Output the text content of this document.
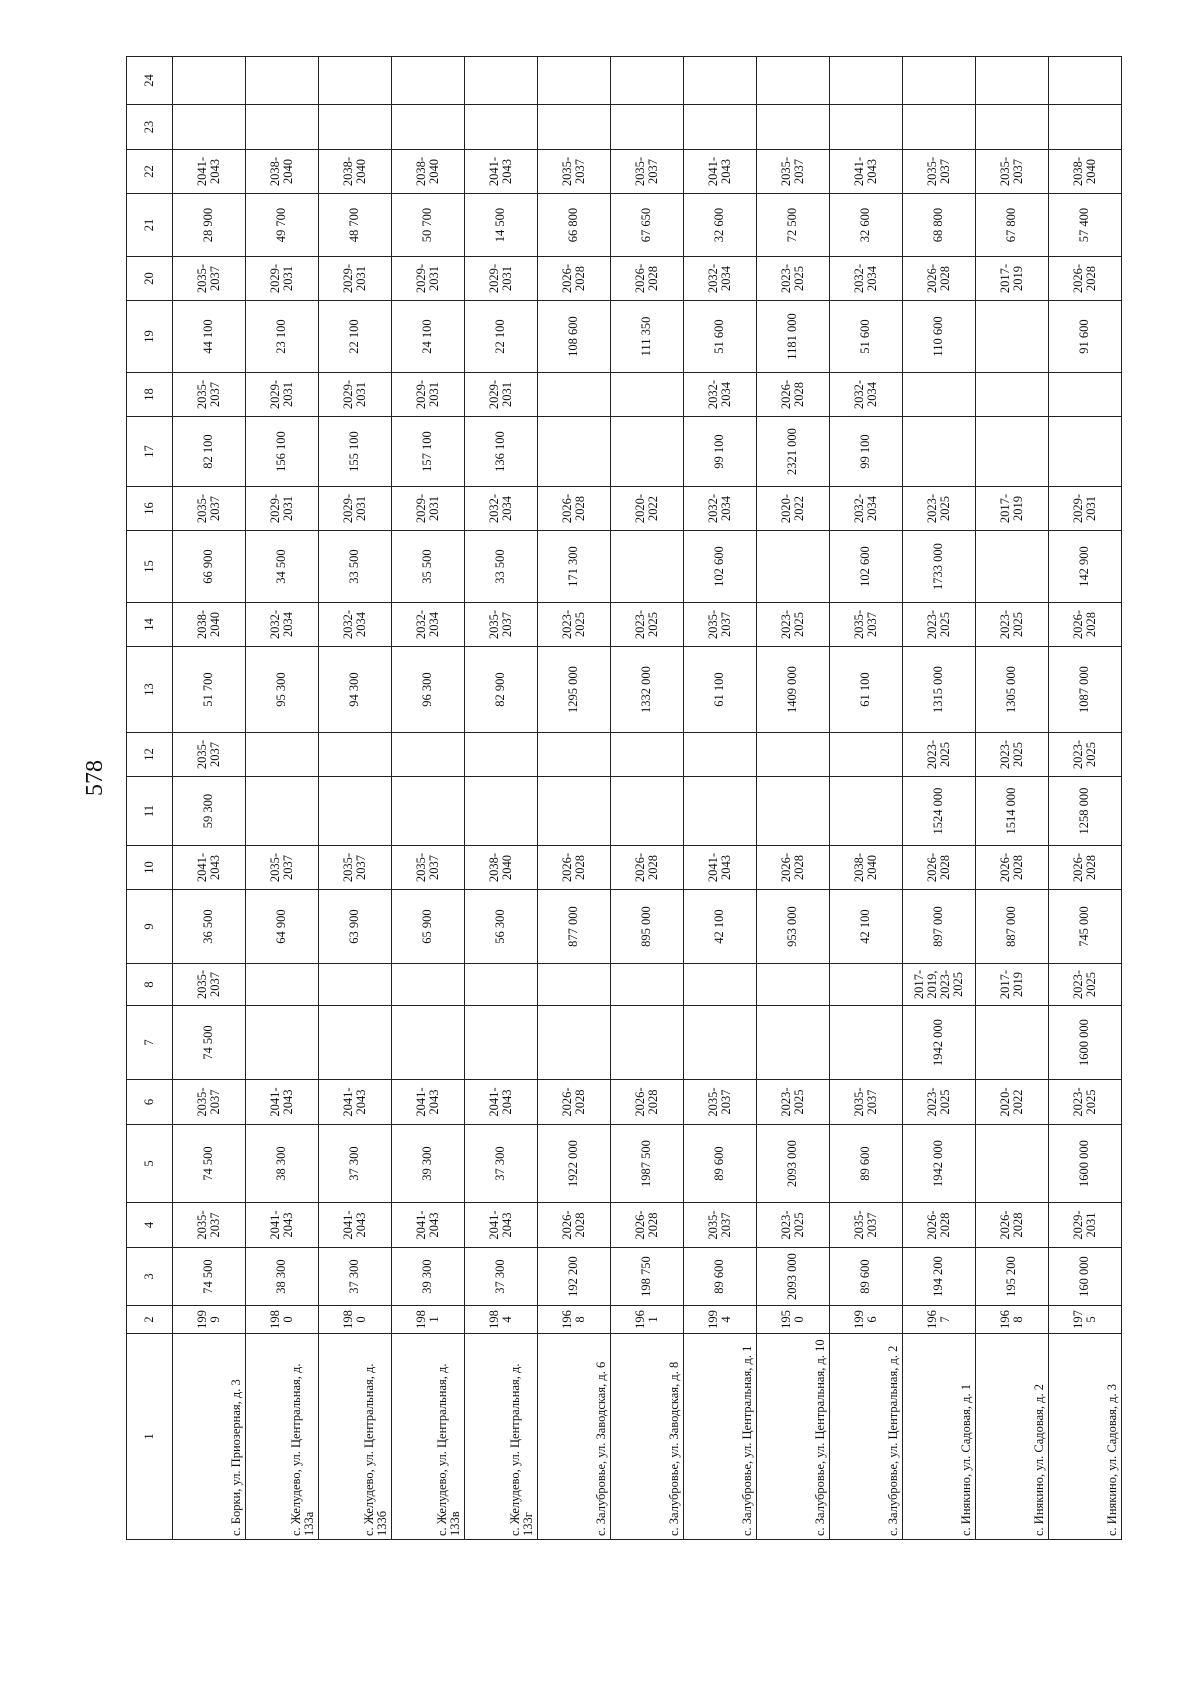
578
1	2	3	4	5	6	7	8	9	10	11	12	13	14	15	16	17	18	19	20	21	22	23	24
с. Борки, ул. Приозерная, д. 3	1999	74 500	2035-2037	74 500	2035-2037	74 500	2035-2037	36 500	2041-2043	59 300	2035-2037	51 700	2038-2040	66 900	2035-2037	82 100	2035-2037	44 100	2035-2037	28 900	2041-2043		
с. Желудево, ул. Центральная, д. 133а	1980	38 300	2041-2043	38 300	2041-2043			64 900	2035-2037			95 300	2032-2034	34 500	2029-2031	156 100	2029-2031	23 100	2029-2031	49 700	2038-2040		
с. Желудево, ул. Центральная, д. 133б	1980	37 300	2041-2043	37 300	2041-2043			63 900	2035-2037			94 300	2032-2034	33 500	2029-2031	155 100	2029-2031	22 100	2029-2031	48 700	2038-2040		
с. Желудево, ул. Центральная, д. 133в	1981	39 300	2041-2043	39 300	2041-2043			65 900	2035-2037			96 300	2032-2034	35 500	2029-2031	157 100	2029-2031	24 100	2029-2031	50 700	2038-2040		
с. Желудево, ул. Центральная, д. 133г	1984	37 300	2041-2043	37 300	2041-2043			56 300	2038-2040			82 900	2035-2037	33 500	2032-2034	136 100	2029-2031	22 100	2029-2031	14 500	2041-2043		
с. Залубровье, ул. Заводская, д. 6	1968	192 200	2026-2028	1922 000	2026-2028			877 000	2026-2028			1295 000	2023-2025	171 300	2026-2028			108 600	2026-2028	66 800	2035-2037		
с. Залубровье, ул. Заводская, д. 8	1961	198 750	2026-2028	1987 500	2026-2028			895 000	2026-2028			1332 000	2023-2025		2020-2022			111 350	2026-2028	67 650	2035-2037		
с. Залубровье, ул. Центральная, д. 1	1994	89 600	2035-2037	89 600	2035-2037			42 100	2041-2043			61 100	2035-2037	102 600	2032-2034	99 100	2032-2034	51 600	2032-2034	32 600	2041-2043		
с. Залубровье, ул. Центральная, д. 10	1950	2093 000	2023-2025	2093 000	2023-2025			953 000	2026-2028			1409 000	2023-2025		2020-2022	2321 000	2026-2028	1181 000	2023-2025	72 500	2035-2037		
с. Залубровье, ул. Центральная, д. 2	1996	89 600	2035-2037	89 600	2035-2037			42 100	2038-2040			61 100	2035-2037	102 600	2032-2034	99 100	2032-2034	51 600	2032-2034	32 600	2041-2043		
с. Инякино, ул. Садовая, д. 1	1967	194 200	2026-2028	1942 000	2023-2025	1942 000	2017-2019, 2023-2025	897 000	2026-2028	1524 000	2023-2025	1315 000	2023-2025	1733 000	2023-2025			110 600	2026-2028	68 800	2035-2037		
с. Инякино, ул. Садовая, д. 2	1968	195 200	2026-2028		2020-2022		2017-2019	887 000	2026-2028	1514 000	2023-2025	1305 000	2023-2025		2017-2019				2017-2019	67 800	2035-2037		
с. Инякино, ул. Садовая, д. 3	1975	160 000	2029-2031	1600 000	2023-2025	1600 000	2023-2025	745 000	2026-2028	1258 000	2023-2025	1087 000	2026-2028	142 900	2029-2031			91 600	2026-2028	57 400	2038-2040		
